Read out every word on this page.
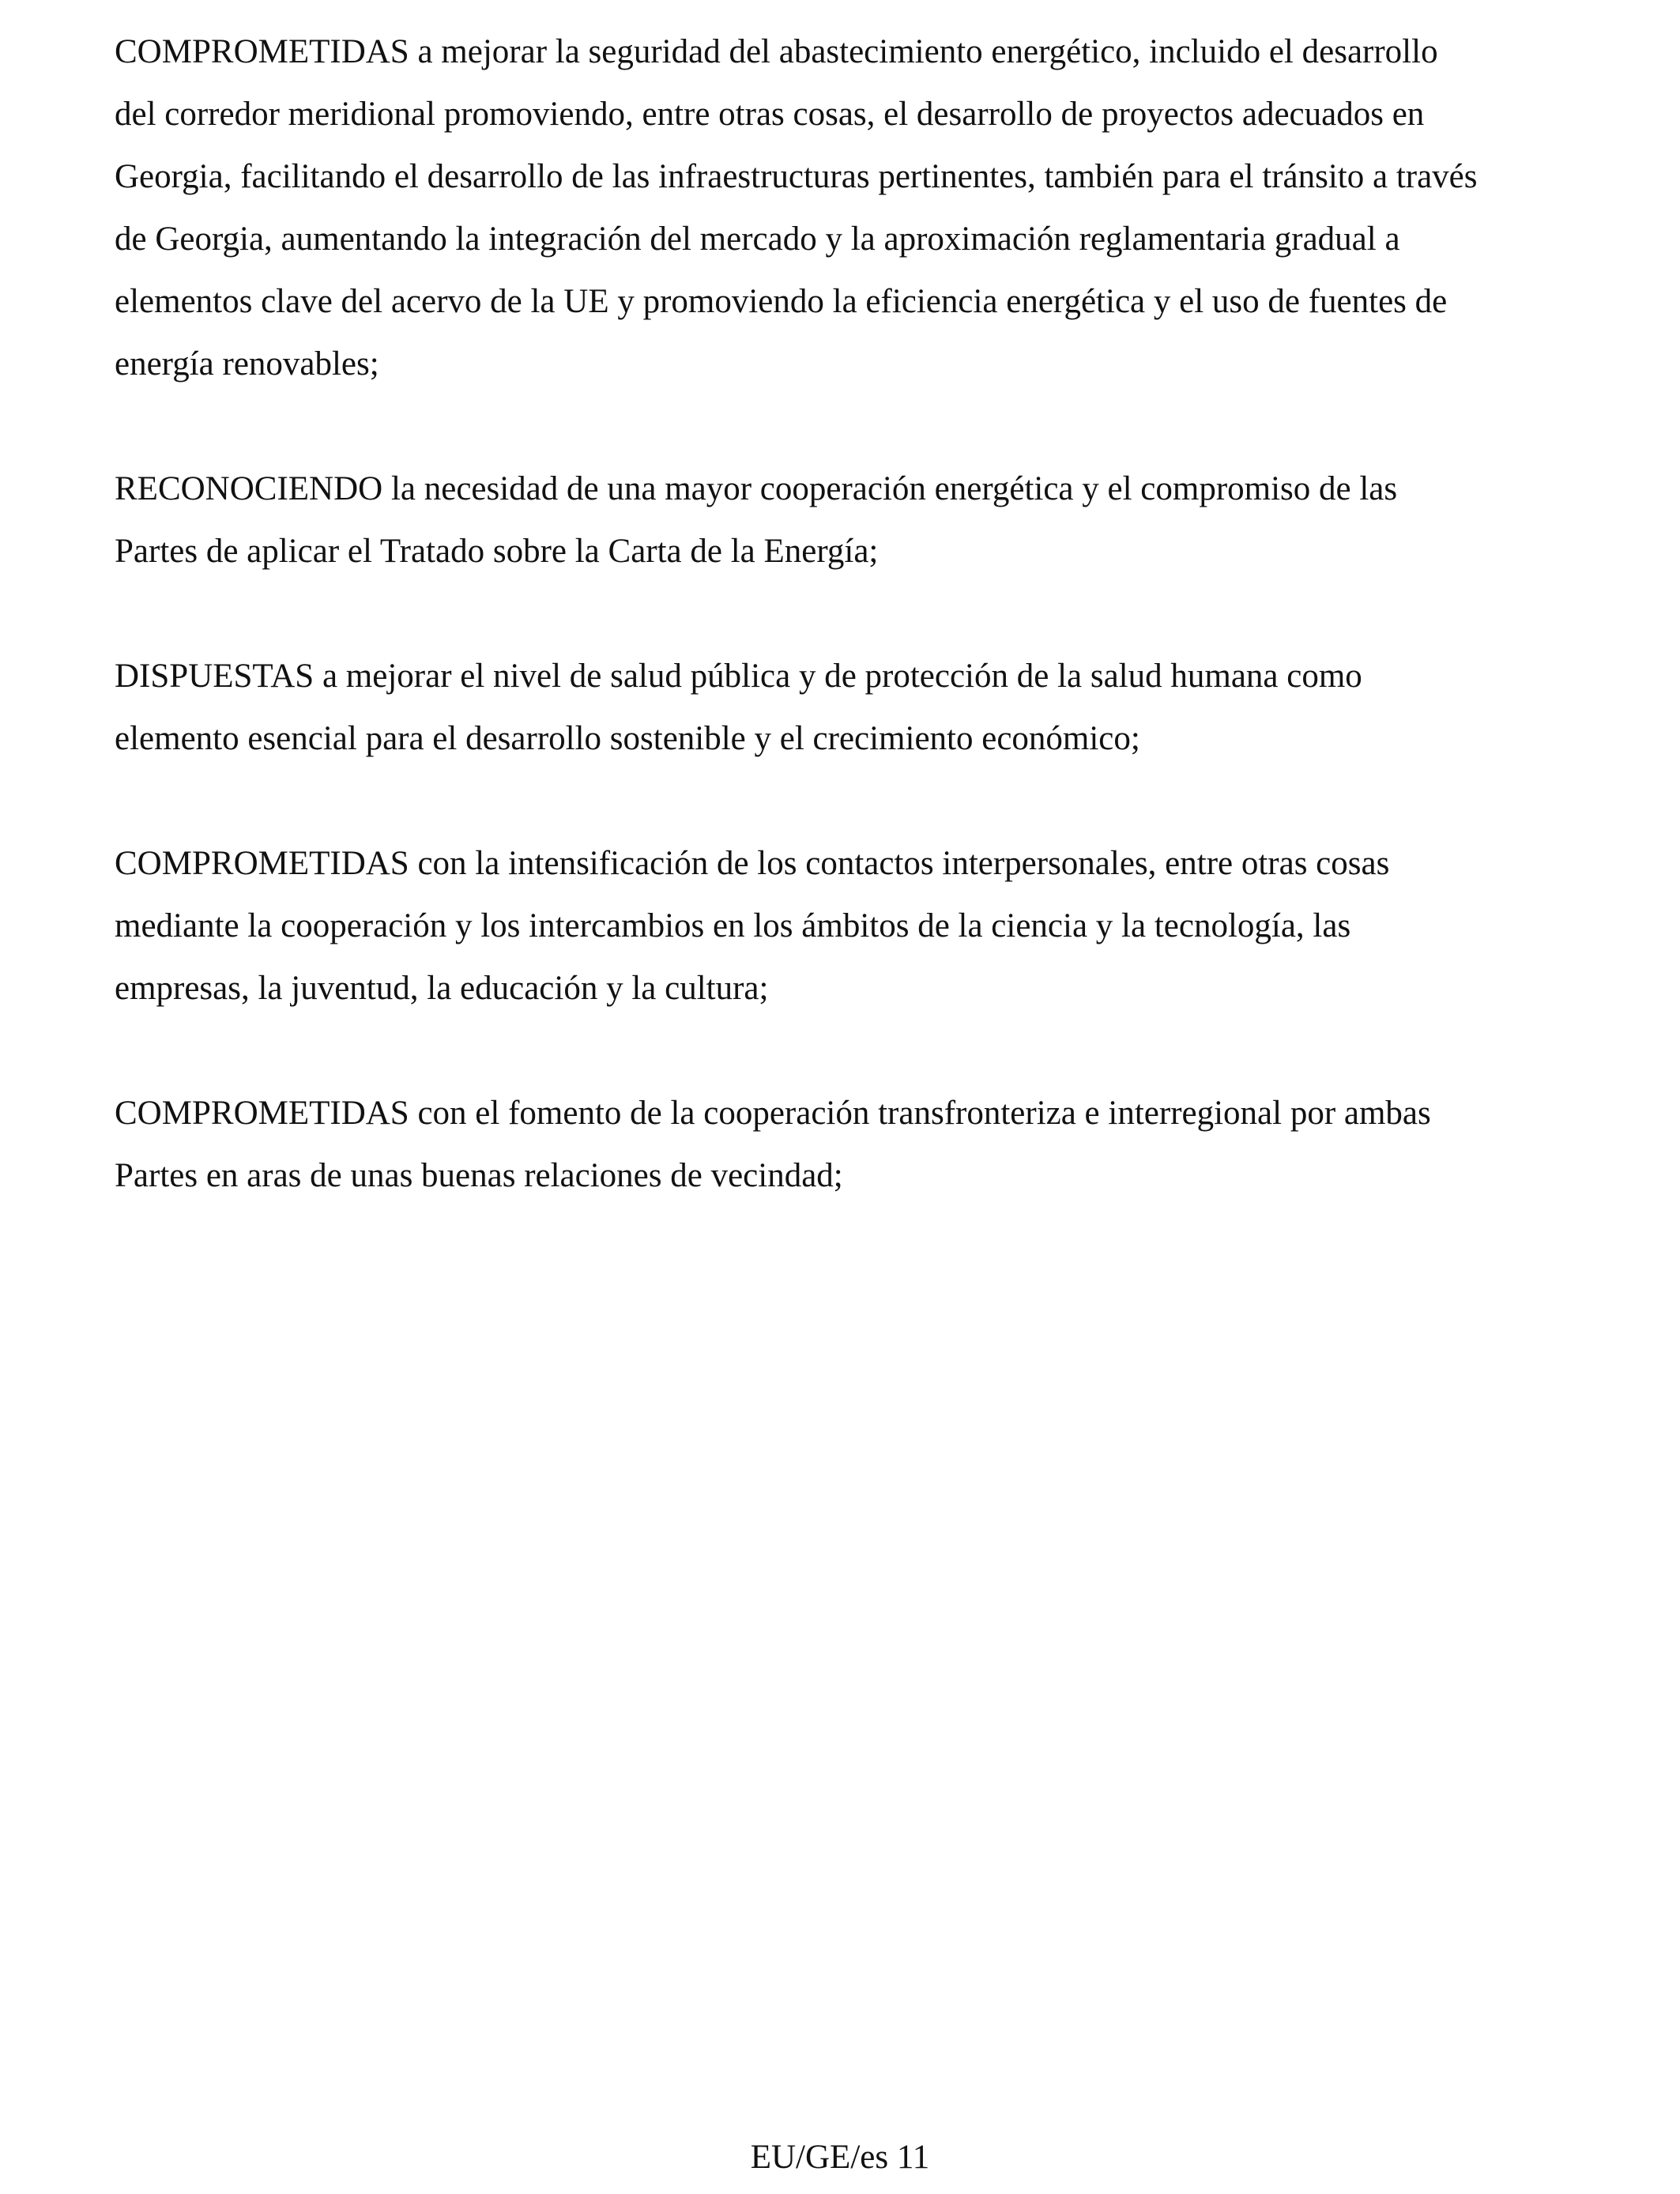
COMPROMETIDAS a mejorar la seguridad del abastecimiento energético, incluido el desarrollo
del corredor meridional promoviendo, entre otras cosas, el desarrollo de proyectos adecuados en
Georgia, facilitando el desarrollo de las infraestructuras pertinentes, también para el tránsito a través
de Georgia, aumentando la integración del mercado y la aproximación reglamentaria gradual a
elementos clave del acervo de la UE y promoviendo la eficiencia energética y el uso de fuentes de
energía renovables;

RECONOCIENDO la necesidad de una mayor cooperación energética y el compromiso de las
Partes de aplicar el Tratado sobre la Carta de la Energía;

DISPUESTAS a mejorar el nivel de salud pública y de protección de la salud humana como
elemento esencial para el desarrollo sostenible y el crecimiento económico;

COMPROMETIDAS con la intensificación de los contactos interpersonales, entre otras cosas
mediante la cooperación y los intercambios en los ámbitos de la ciencia y la tecnología, las
empresas, la juventud, la educación y la cultura;

COMPROMETIDAS con el fomento de la cooperación transfronteriza e interregional por ambas
Partes en aras de unas buenas relaciones de vecindad;

EU/GE/es 11
